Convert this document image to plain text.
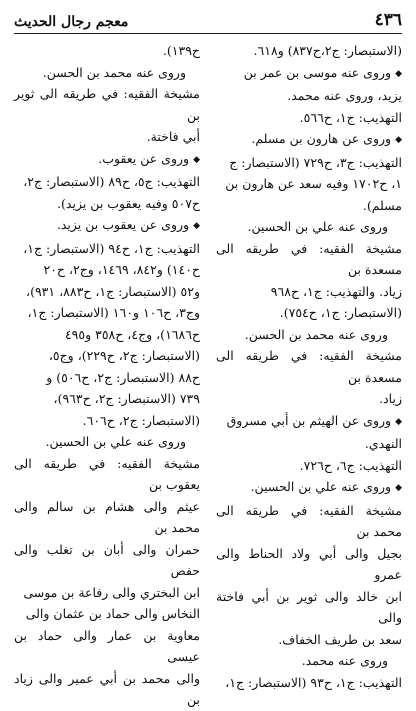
٤٣٦
معجم رجال الحديث
(الاستبصار: ج٢،ح٨٣٧) و٦١٨.
◆ وروى عنه موسى بن عمر بن
يزيد، وروى عنه محمد.
التهذيب: ج١، ح٥٦٦.
◆ وروى عن هارون بن مسلم.
التهذيب: ج٣، ح٧٢٩ (الاستبصار: ج
١، ح١٧٠٢ وفيه سعد عن هارون بن
مسلم).
وروى عنه علي بن الحسين.
مشيخة الفقيه: في طريقه الى مسعدة بن
زياد. والتهذيب: ج١، ح٩٦٨
(الاستبصار: ج١، ح٧٥٤).
وروى عنه محمد بن الحسن.
مشيخة الفقيه: في طريقه الى مسعدة بن
زياد.
◆ وروى عن الهيثم بن أبي مسروق
النهدي.
التهذيب: ج٦، ح٧٢٦.
◆ وروى عنه علي بن الحسين.
مشيخة الفقيه: في طريقه الى محمد بن
بجيل والى أبي ولاد الحناط والى عمرو
ابن خالد والى ثوير بن أبي فاختة والى
سعد بن طريف الخفاف.
وروى عنه محمد.
التهذيب: ج١، ح٩٣ (الاستبصار: ج١،
ح١٣٩).
وروى عنه محمد بن الحسن.
مشيخة الفقيه: في طريقه الى ثوير بن
أبي فاختة.
◆ وروى عن يعقوب.
التهذيب: ج٥، ح٨٩ (الاستبصار: ج٢،
ح٥٠٧ وفيه يعقوب بن يزيد).
◆ وروى عن يعقوب بن يزيد.
التهذيب: ج١، ح٩٤ (الاستبصار: ج١،
ح١٤٠) و٨٤٢، ١٤٦٩، وج٢، ح٢٠
و٥٢ (الاستبصار: ج١، ح٨٨٣، ٩٣١)،
وج٣، ح١٠٦ و١٦٠ (الاستبصار: ج١،
ح١٦٨٦)، وج٤، ح٣٥٨ و٤٩٥
(الاستبصار: ج٢، ح٢٢٩)، وج٥،
ح٨٨ (الاستبصار: ج٢، ح٥٠٦) و
٧٣٩ (الاستبصار: ج٢، ح٩٦٣)،
(الاستبصار: ج٢، ح٦٠٦.
وروى عنه علي بن الحسين.
مشيخة الفقيه: في طريقه الى يعقوب بن
عيثم والى هشام بن سالم والى محمد بن
حمران والى أبان بن تغلب والى حفص
ابن البختري والى رفاعة بن موسى
النخاس والى حماد بن عثمان والى
معاوية بن عمار والى حماد بن عيسى
والى محمد بن أبي عمير والى زياد بن
